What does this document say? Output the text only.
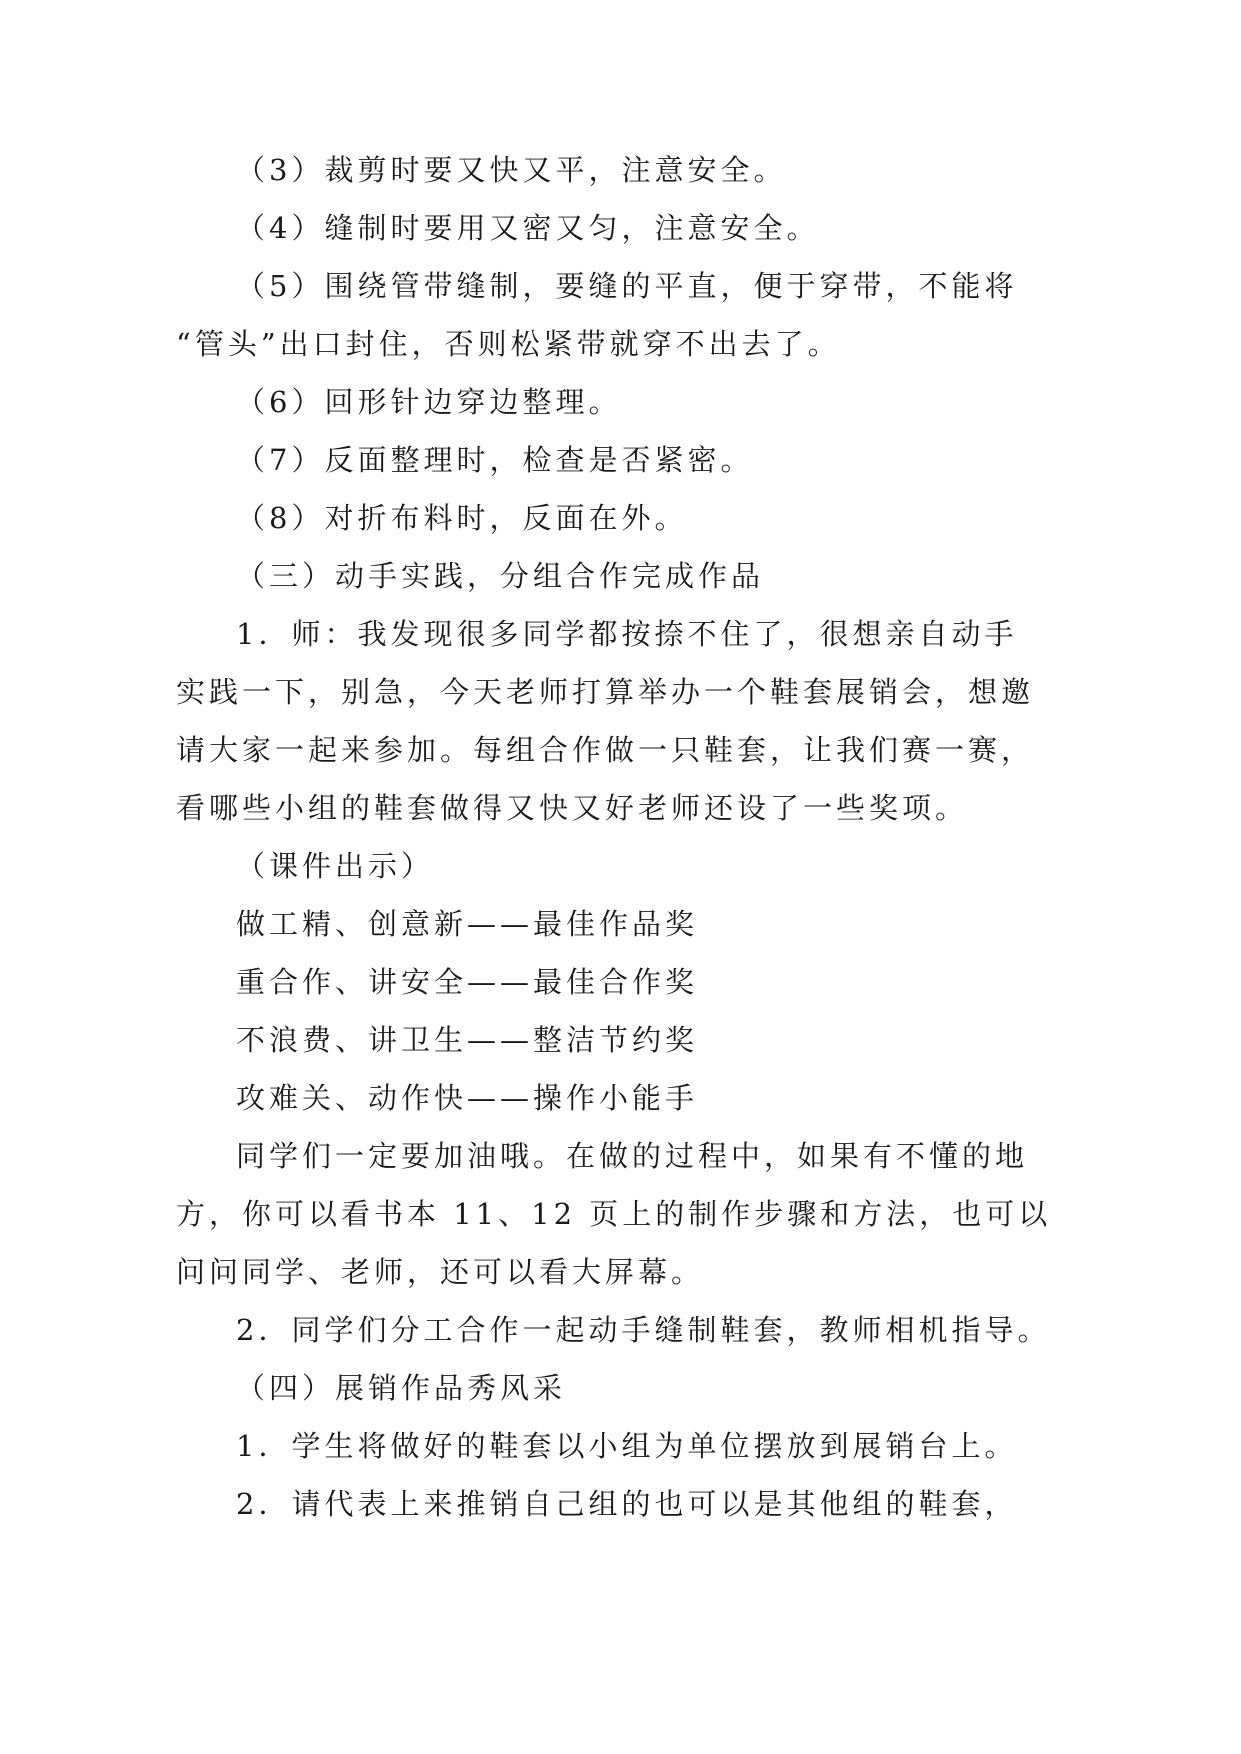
（3）裁剪时要又快又平，注意安全。
（4）缝制时要用又密又匀，注意安全。
（5）围绕管带缝制，要缝的平直，便于穿带，不能将
“管头”出口封住，否则松紧带就穿不出去了。
（6）回形针边穿边整理。
（7）反面整理时，检查是否紧密。
（8）对折布料时，反面在外。
（三）动手实践，分组合作完成作品
1．师：我发现很多同学都按捺不住了，很想亲自动手
实践一下，别急，今天老师打算举办一个鞋套展销会，想邀
请大家一起来参加。每组合作做一只鞋套，让我们赛一赛，
看哪些小组的鞋套做得又快又好老师还设了一些奖项。
（课件出示）
做工精、创意新——最佳作品奖
重合作、讲安全——最佳合作奖
不浪费、讲卫生——整洁节约奖
攻难关、动作快——操作小能手
同学们一定要加油哦。在做的过程中，如果有不懂的地
方，你可以看书本 11、12 页上的制作步骤和方法，也可以
问问同学、老师，还可以看大屏幕。
2．同学们分工合作一起动手缝制鞋套，教师相机指导。
（四）展销作品秀风采
1．学生将做好的鞋套以小组为单位摆放到展销台上。
2．请代表上来推销自己组的也可以是其他组的鞋套，
